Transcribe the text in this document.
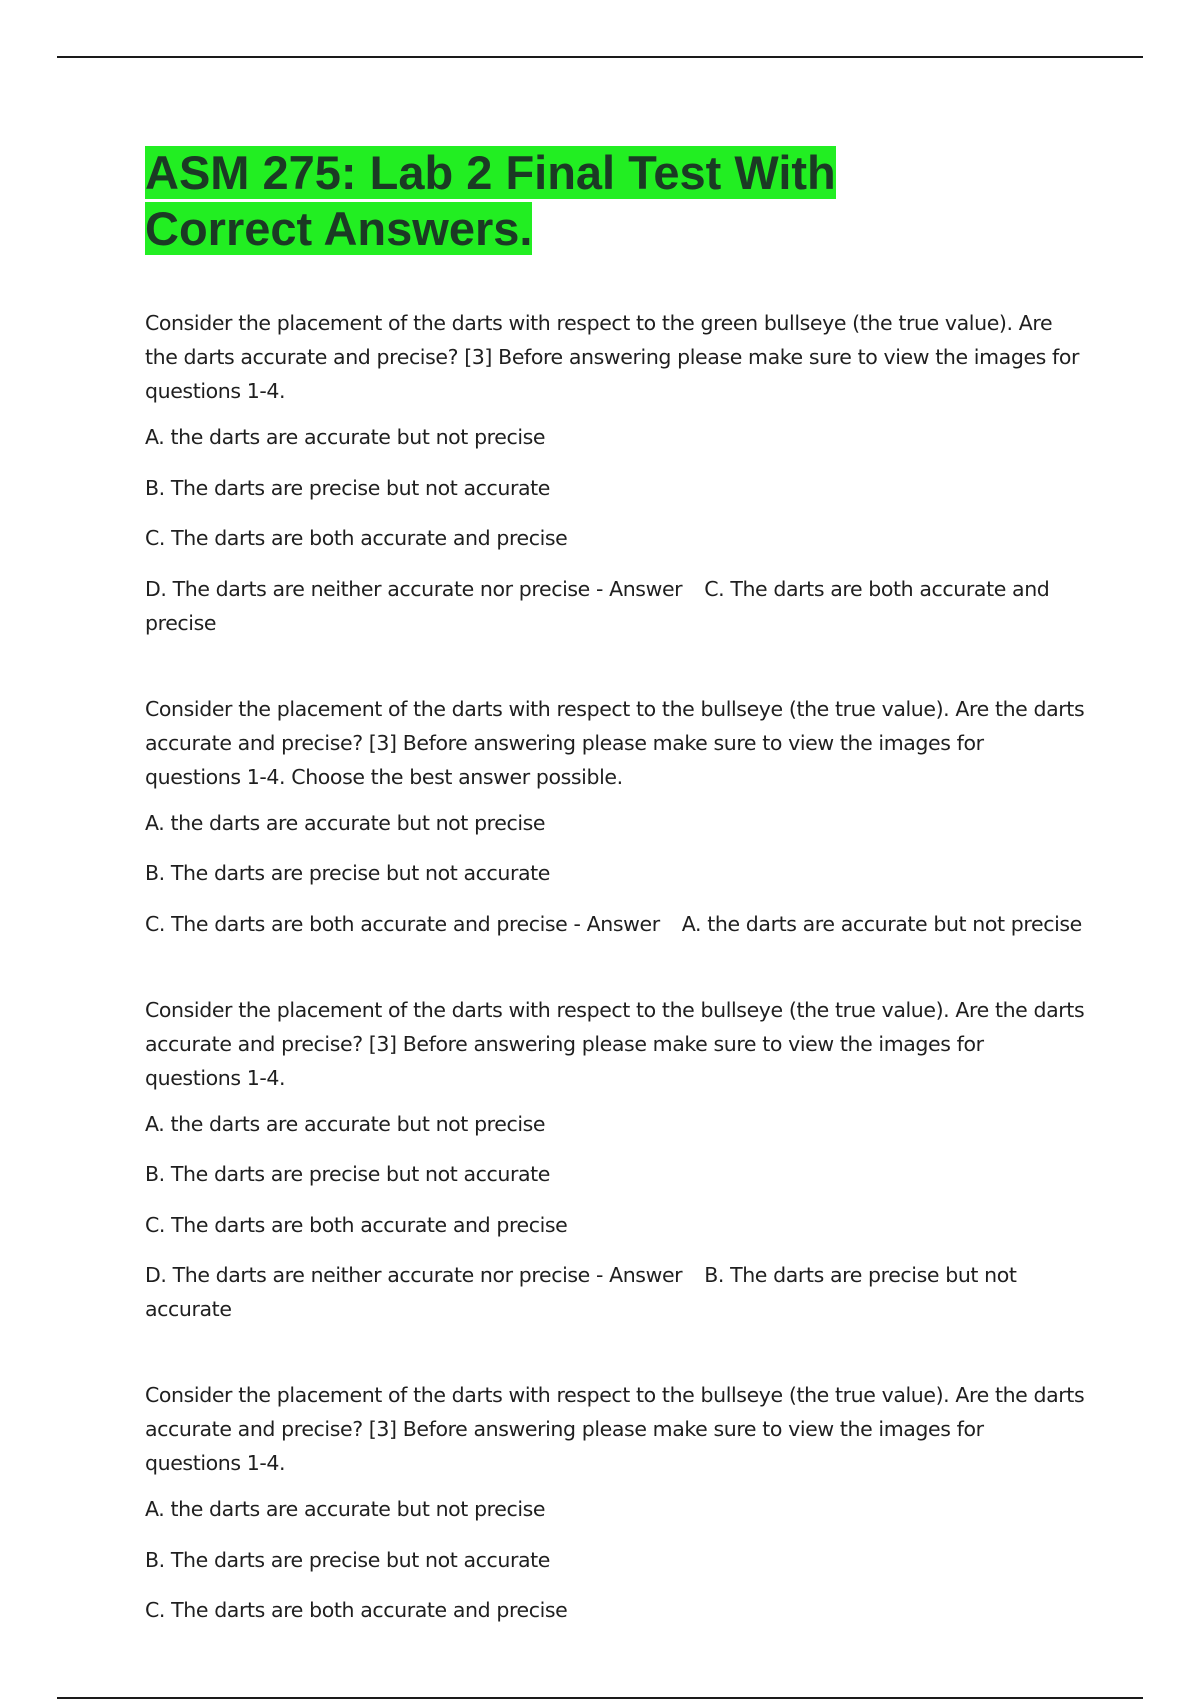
ASM 275: Lab 2 Final Test With
Correct Answers.

Consider the placement of the darts with respect to the green bullseye (the true value). Are the darts accurate and precise? [3] Before answering please make sure to view the images for questions 1-4.

A. the darts are accurate but not precise

B. The darts are precise but not accurate

C. The darts are both accurate and precise

D. The darts are neither accurate nor precise - Answer C. The darts are both accurate and precise

Consider the placement of the darts with respect to the bullseye (the true value). Are the darts accurate and precise? [3] Before answering please make sure to view the images for questions 1-4. Choose the best answer possible.

A. the darts are accurate but not precise

B. The darts are precise but not accurate

C. The darts are both accurate and precise - Answer A. the darts are accurate but not precise

Consider the placement of the darts with respect to the bullseye (the true value). Are the darts accurate and precise? [3] Before answering please make sure to view the images for questions 1-4.

A. the darts are accurate but not precise

B. The darts are precise but not accurate

C. The darts are both accurate and precise

D. The darts are neither accurate nor precise - Answer B. The darts are precise but not accurate

Consider the placement of the darts with respect to the bullseye (the true value). Are the darts accurate and precise? [3] Before answering please make sure to view the images for questions 1-4.

A. the darts are accurate but not precise

B. The darts are precise but not accurate

C. The darts are both accurate and precise
